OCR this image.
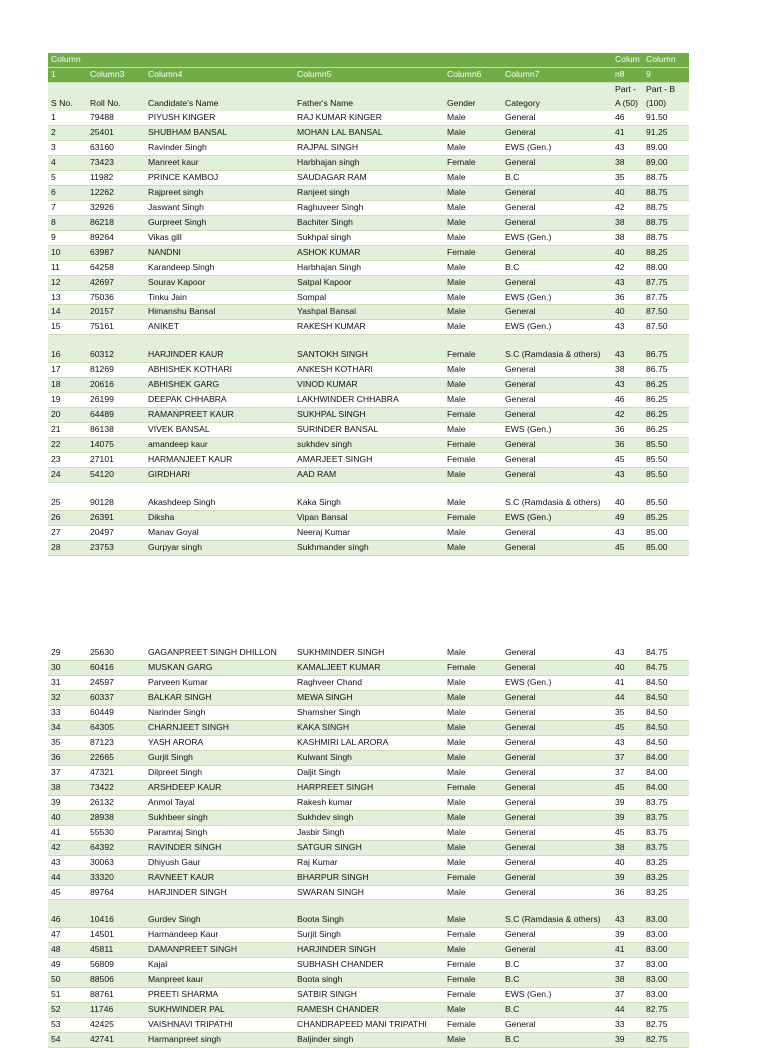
Column						Colum	Column
1	Column3	Column4	Column5	Column6	Column7	n8	9
						Part -	Part - B
S No.	Roll No.	Candidate's Name	Father's Name	Gender	Category	A (50)	(100)
1	79488	PIYUSH KINGER	RAJ KUMAR KINGER	Male	General	46	91.50
2	25401	SHUBHAM BANSAL	MOHAN LAL BANSAL	Male	General	41	91.25
3	63160	Ravinder Singh	RAJPAL SINGH	Male	EWS (Gen.)	43	89.00
4	73423	Manreet kaur	Harbhajan singh	Female	General	38	89.00
5	11982	PRINCE KAMBOJ	SAUDAGAR RAM	Male	B.C	35	88.75
6	12262	Rajpreet singh	Ranjeet singh	Male	General	40	88.75
7	32926	Jaswant Singh	Raghuveer Singh	Male	General	42	88.75
8	86218	Gurpreet Singh	Bachiter Singh	Male	General	38	88.75
9	89264	Vikas gill	Sukhpal singh	Male	EWS (Gen.)	38	88.75
10	63987	NANDNI	ASHOK KUMAR	Female	General	40	88.25
11	64258	Karandeep Singh	Harbhajan Singh	Male	B.C	42	88.00
12	42697	Sourav Kapoor	Satpal Kapoor	Male	General	43	87.75
13	75036	Tinku Jain	Sompal	Male	EWS (Gen.)	36	87.75
14	20157	Himanshu Bansal	Yashpal Bansal	Male	General	40	87.50
15	75161	ANIKET	RAKESH KUMAR	Male	EWS (Gen.)	43	87.50
16	60312	HARJINDER KAUR	SANTOKH SINGH	Female	S.C (Ramdasia & others)	43	86.75
17	81269	ABHISHEK KOTHARI	ANKESH KOTHARI	Male	General	38	86.75
18	20616	ABHISHEK GARG	VINOD KUMAR	Male	General	43	86.25
19	26199	DEEPAK CHHABRA	LAKHWINDER CHHABRA	Male	General	46	86.25
20	64489	RAMANPREET KAUR	SUKHPAL SINGH	Female	General	42	86.25
21	86138	VIVEK BANSAL	SURINDER BANSAL	Male	EWS (Gen.)	36	86.25
22	14075	amandeep kaur	sukhdev singh	Female	General	36	85.50
23	27101	HARMANJEET KAUR	AMARJEET SINGH	Female	General	45	85.50
24	54120	GIRDHARI	AAD RAM	Male	General	43	85.50
25	90128	Akashdeep Singh	Kaka Singh	Male	S.C (Ramdasia & others)	40	85.50
26	26391	Diksha	Vipan Bansal	Female	EWS (Gen.)	49	85.25
27	20497	Manav Goyal	Neeraj Kumar	Male	General	43	85.00
28	23753	Gurpyar singh	Sukhmander singh	Male	General	45	85.00
29	25630	GAGANPREET SINGH DHILLON	SUKHMINDER SINGH	Male	General	43	84.75
30	60416	MUSKAN GARG	KAMALJEET KUMAR	Female	General	40	84.75
31	24597	Parveen Kumar	Raghveer Chand	Male	EWS (Gen.)	41	84.50
32	60337	BALKAR SINGH	MEWA SINGH	Male	General	44	84.50
33	60449	Narinder Singh	Shamsher Singh	Male	General	35	84.50
34	64305	CHARNJEET SINGH	KAKA SINGH	Male	General	45	84.50
35	87123	YASH ARORA	KASHMIRI LAL ARORA	Male	General	43	84.50
36	22665	Gurjit Singh	Kulwant Singh	Male	General	37	84.00
37	47321	Dilpreet Singh	Daljit Singh	Male	General	37	84.00
38	73422	ARSHDEEP KAUR	HARPREET SINGH	Female	General	45	84.00
39	26132	Anmol Tayal	Rakesh kumar	Male	General	39	83.75
40	28938	Sukhbeer singh	Sukhdev singh	Male	General	39	83.75
41	55530	Paramraj Singh	Jasbir Singh	Male	General	45	83.75
42	64392	RAVINDER SINGH	SATGUR SINGH	Male	General	38	83.75
43	30063	Dhiyush Gaur	Raj Kumar	Male	General	40	83.25
44	33320	RAVNEET KAUR	BHARPUR SINGH	Female	General	39	83.25
45	89764	HARJINDER SINGH	SWARAN SINGH	Male	General	36	83.25
46	10416	Gurdev Singh	Boota Singh	Male	S.C (Ramdasia & others)	43	83.00
47	14501	Harmandeep Kaur	Surjit Singh	Female	General	39	83.00
48	45811	DAMANPREET SINGH	HARJINDER SINGH	Male	General	41	83.00
49	56809	Kajal	SUBHASH CHANDER	Female	B.C	37	83.00
50	88506	Manpreet kaur	Boota singh	Female	B.C	38	83.00
51	88761	PREETI SHARMA	SATBIR SINGH	Female	EWS (Gen.)	37	83.00
52	11746	SUKHWINDER PAL	RAMESH CHANDER	Male	B.C	44	82.75
53	42425	VAISHNAVI TRIPATHI	CHANDRAPEED MANI TRIPATHI	Female	General	33	82.75
54	42741	Harmanpreet singh	Baljinder singh	Male	B.C	39	82.75
